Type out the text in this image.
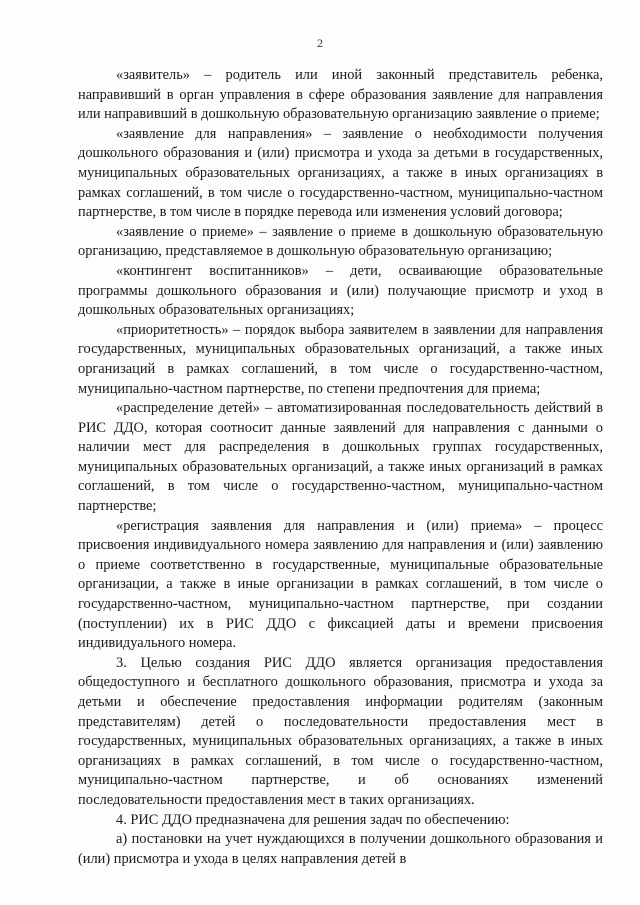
2

«заявитель» – родитель или иной законный представитель ребенка, направивший в орган управления в сфере образования заявление для направления или направивший в дошкольную образовательную организацию заявление о приеме;

«заявление для направления» – заявление о необходимости получения дошкольного образования и (или) присмотра и ухода за детьми в государственных, муниципальных образовательных организациях, а также в иных организациях в рамках соглашений, в том числе о государственно-частном, муниципально-частном партнерстве, в том числе в порядке перевода или изменения условий договора;

«заявление о приеме» – заявление о приеме в дошкольную образовательную организацию, представляемое в дошкольную образовательную организацию;

«контингент воспитанников» – дети, осваивающие образовательные программы дошкольного образования и (или) получающие присмотр и уход в дошкольных образовательных организациях;

«приоритетность» – порядок выбора заявителем в заявлении для направления государственных, муниципальных образовательных организаций, а также иных организаций в рамках соглашений, в том числе о государственно-частном, муниципально-частном партнерстве, по степени предпочтения для приема;

«распределение детей» – автоматизированная последовательность действий в РИС ДДО, которая соотносит данные заявлений для направления с данными о наличии мест для распределения в дошкольных группах государственных, муниципальных образовательных организаций, а также иных организаций в рамках соглашений, в том числе о государственно-частном, муниципально-частном партнерстве;

«регистрация заявления для направления и (или) приема» – процесс присвоения индивидуального номера заявлению для направления и (или) заявлению о приеме соответственно в государственные, муниципальные образовательные организации, а также в иные организации в рамках соглашений, в том числе о государственно-частном, муниципально-частном партнерстве, при создании (поступлении) их в РИС ДДО с фиксацией даты и времени присвоения индивидуального номера.

3. Целью создания РИС ДДО является организация предоставления общедоступного и бесплатного дошкольного образования, присмотра и ухода за детьми и обеспечение предоставления информации родителям (законным представителям) детей о последовательности предоставления мест в государственных, муниципальных образовательных организациях, а также в иных организациях в рамках соглашений, в том числе о государственно-частном, муниципально-частном партнерстве, и об основаниях изменений последовательности предоставления мест в таких организациях.

4. РИС ДДО предназначена для решения задач по обеспечению:

а) постановки на учет нуждающихся в получении дошкольного образования и (или) присмотра и ухода в целях направления детей в
